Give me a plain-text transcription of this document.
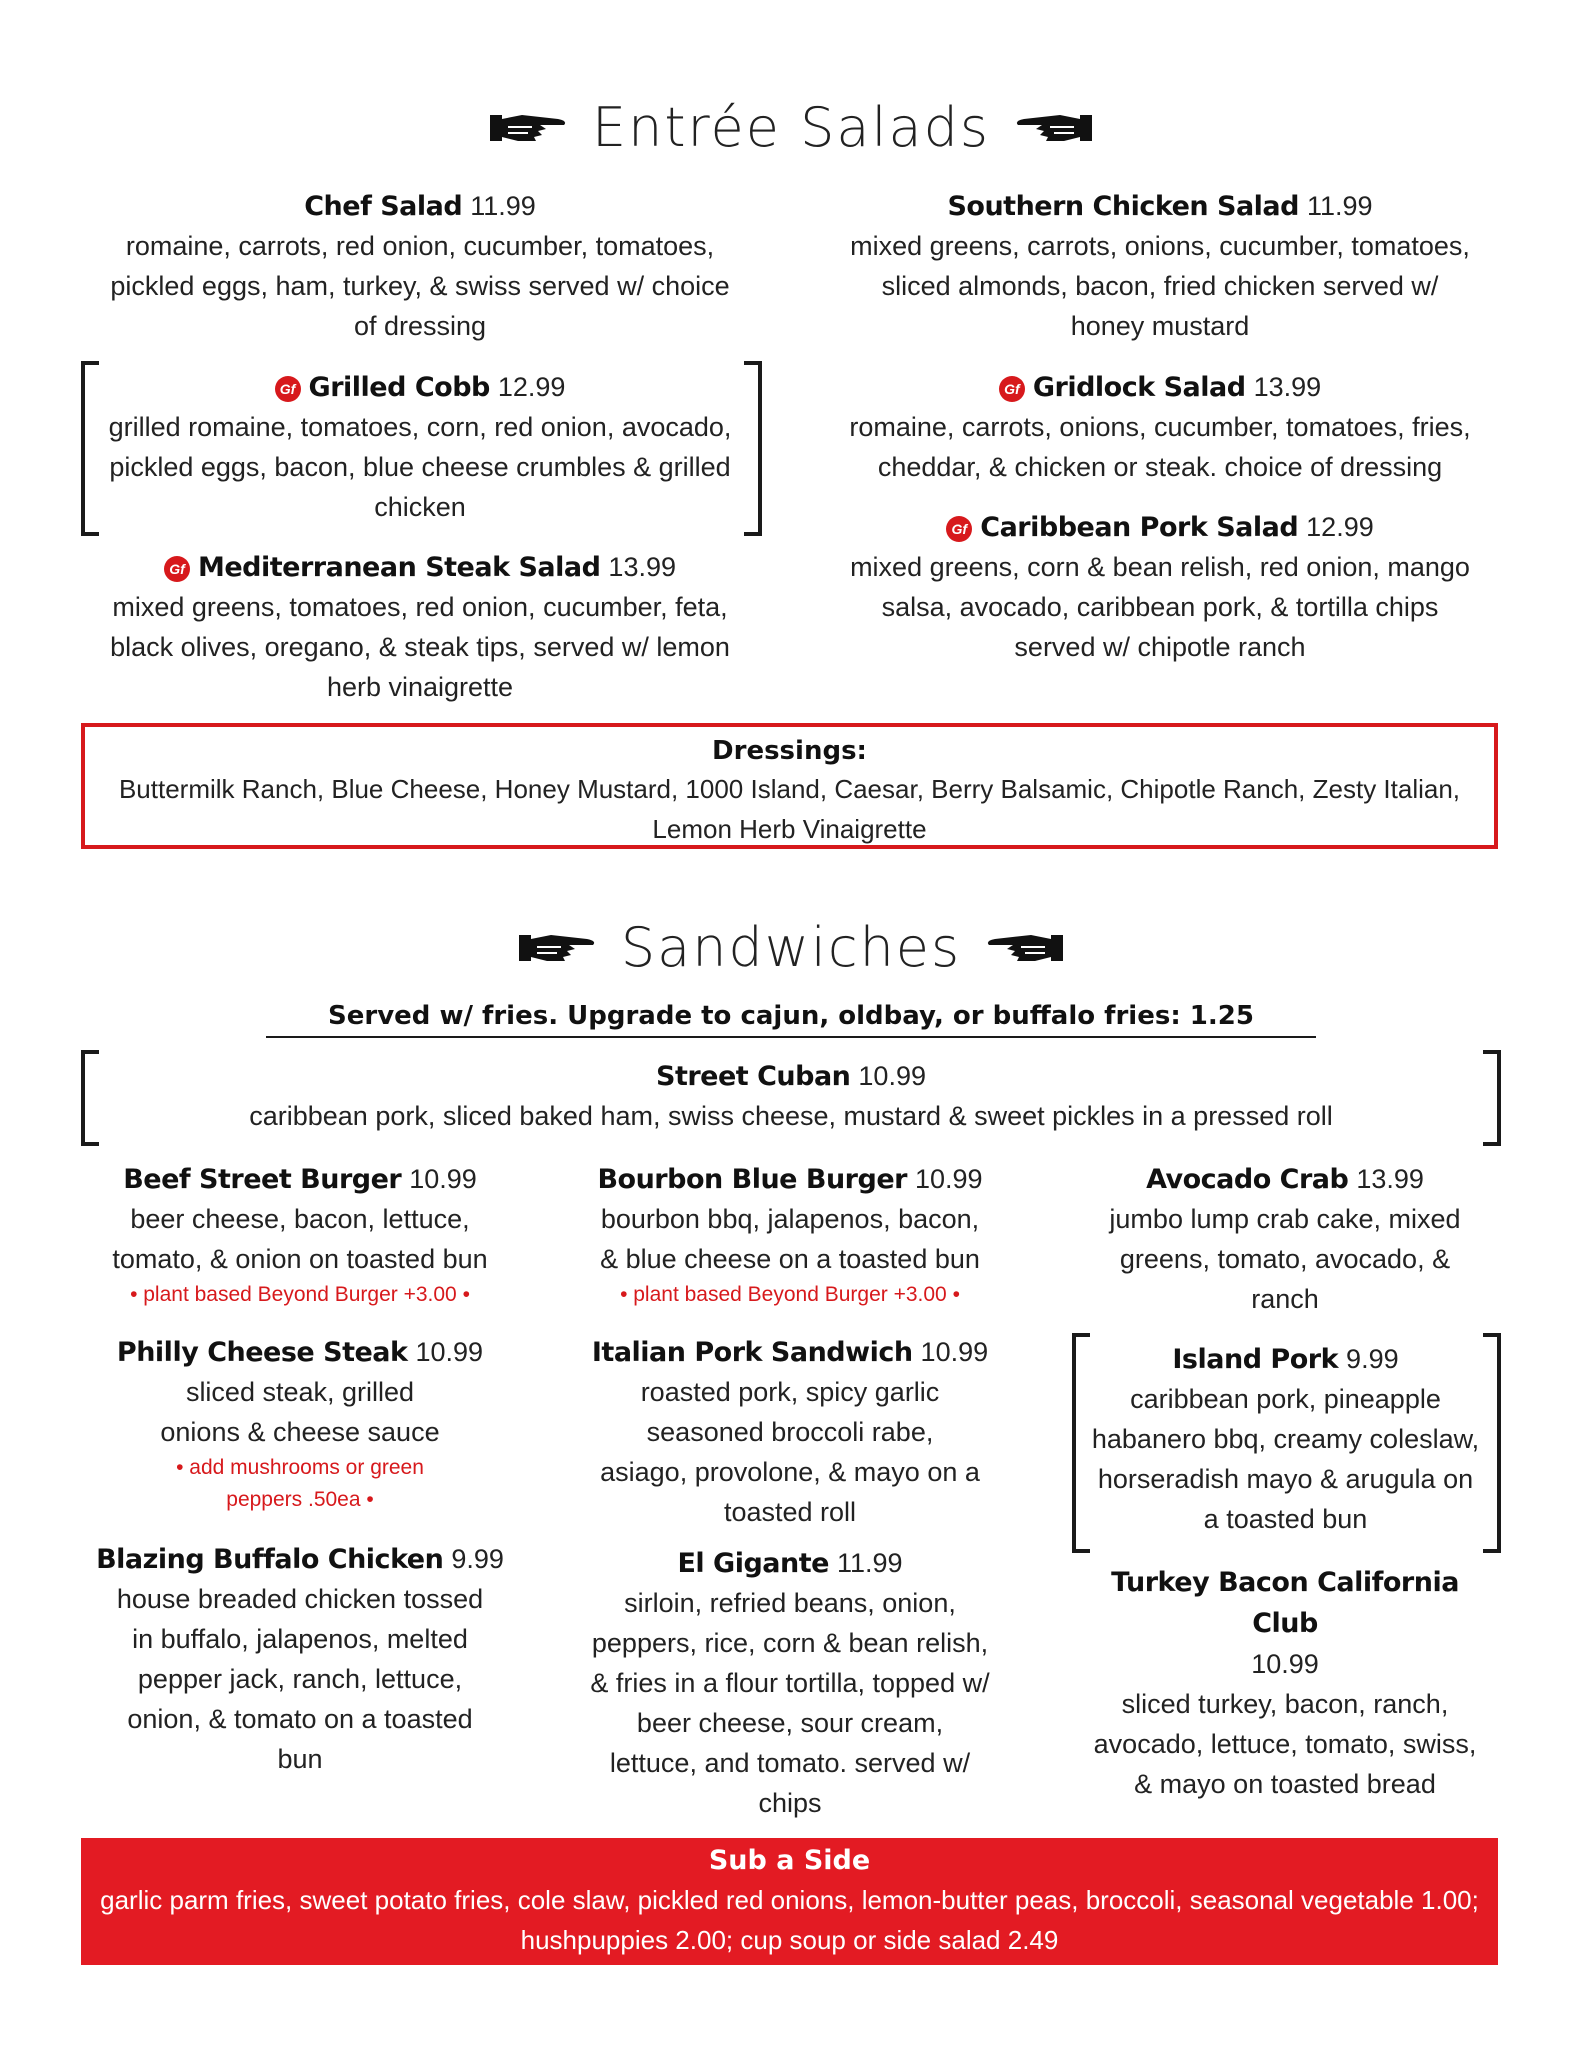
Entrée Salads
Chef Salad 11.99
romaine, carrots, red onion, cucumber, tomatoes, pickled eggs, ham, turkey, & swiss served w/ choice of dressing
Southern Chicken Salad 11.99
mixed greens, carrots, onions, cucumber, tomatoes, sliced almonds, bacon, fried chicken served w/ honey mustard
Gf Grilled Cobb 12.99
grilled romaine, tomatoes, corn, red onion, avocado, pickled eggs, bacon, blue cheese crumbles & grilled chicken
Gf Gridlock Salad 13.99
romaine, carrots, onions, cucumber, tomatoes, fries, cheddar, & chicken or steak. choice of dressing
Gf Caribbean Pork Salad 12.99
mixed greens, corn & bean relish, red onion, mango salsa, avocado, caribbean pork, & tortilla chips served w/ chipotle ranch
Gf Mediterranean Steak Salad 13.99
mixed greens, tomatoes, red onion, cucumber, feta, black olives, oregano, & steak tips, served w/ lemon herb vinaigrette
Dressings:
Buttermilk Ranch, Blue Cheese, Honey Mustard, 1000 Island, Caesar, Berry Balsamic, Chipotle Ranch, Zesty Italian, Lemon Herb Vinaigrette
Sandwiches
Served w/ fries. Upgrade to cajun, oldbay, or buffalo fries: 1.25
Street Cuban 10.99
caribbean pork, sliced baked ham, swiss cheese, mustard & sweet pickles in a pressed roll
Beef Street Burger 10.99
beer cheese, bacon, lettuce, tomato, & onion on toasted bun
• plant based Beyond Burger +3.00 •
Bourbon Blue Burger 10.99
bourbon bbq, jalapenos, bacon, & blue cheese on a toasted bun
• plant based Beyond Burger +3.00 •
Avocado Crab 13.99
jumbo lump crab cake, mixed greens, tomato, avocado, & ranch
Philly Cheese Steak 10.99
sliced steak, grilled onions & cheese sauce
• add mushrooms or green peppers .50ea •
Italian Pork Sandwich 10.99
roasted pork, spicy garlic seasoned broccoli rabe, asiago, provolone, & mayo on a toasted roll
Island Pork 9.99
caribbean pork, pineapple habanero bbq, creamy coleslaw, horseradish mayo & arugula on a toasted bun
Blazing Buffalo Chicken 9.99
house breaded chicken tossed in buffalo, jalapenos, melted pepper jack, ranch, lettuce, onion, & tomato on a toasted bun
El Gigante 11.99
sirloin, refried beans, onion, peppers, rice, corn & bean relish, & fries in a flour tortilla, topped w/ beer cheese, sour cream, lettuce, and tomato. served w/ chips
Turkey Bacon California Club
10.99
sliced turkey, bacon, ranch, avocado, lettuce, tomato, swiss, & mayo on toasted bread
Sub a Side
garlic parm fries, sweet potato fries, cole slaw, pickled red onions, lemon-butter peas, broccoli, seasonal vegetable 1.00; hushpuppies 2.00; cup soup or side salad 2.49
